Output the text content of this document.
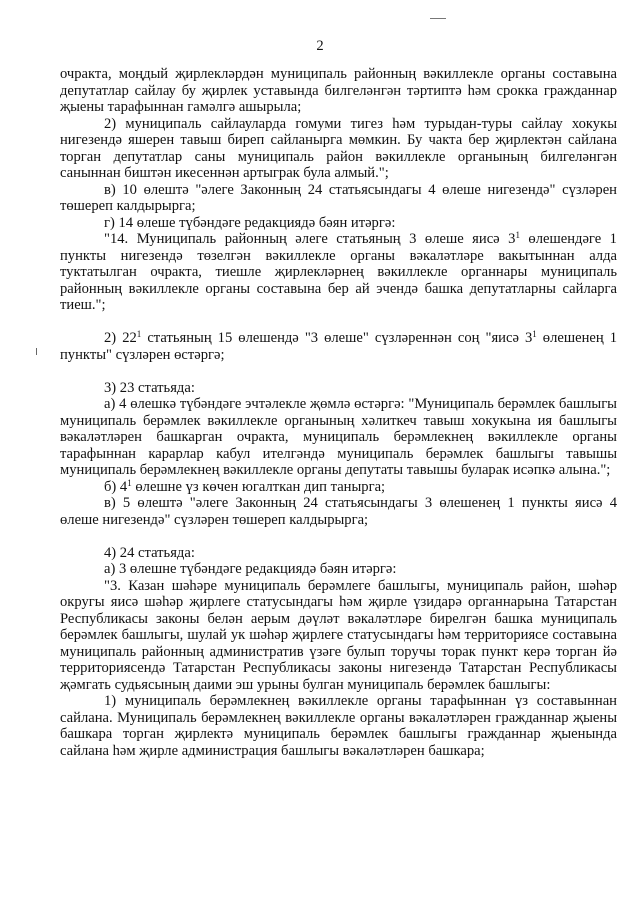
2

очракта, моңдый җирлекләрдән муниципаль районның вәкиллекле органы составына депутатлар сайлау бу җирлек уставында билгеләнгән тәртиптә һәм срокка гражданнар җыены тарафыннан гамәлгә ашырыла;

2) муниципаль сайлауларда гомуми тигез һәм турыдан-туры сайлау хокукы нигезендә яшерен тавыш биреп сайланырга мөмкин. Бу чакта бер җирлектән сайлана торган депутатлар саны муниципаль район вәкиллекле органының билгеләнгән саныннан биштән икесеннән артыграк була алмый.";

в) 10 өлештә "әлеге Законның 24 статьясындагы 4 өлеше нигезендә" сүзләрен төшереп калдырырга;

г) 14 өлеше түбәндәге редакциядә бәян итәргә:

"14. Муниципаль районның әлеге статьяның 3 өлеше яисә $3^1$ өлешендәге 1 пункты нигезендә төзелгән вәкиллекле органы вәкаләтләре вакытыннан алда туктатылган очракта, тиешле җирлекләрнең вәкиллекле органнары муниципаль районның вәкиллекле органы составына бер ай эчендә башка депутатларны сайларга тиеш.";

2) $22^1$ статьяның 15 өлешендә "3 өлеше" сүзләреннән соң "яисә $3^1$ өлешенең 1 пункты" сүзләрен өстәргә;

3) 23 статьяда:

а) 4 өлешкә түбәндәге эчтәлекле җөмлә өстәргә: "Муниципаль берәмлек башлыгы муниципаль берәмлек вәкиллекле органының хәлиткеч тавыш хокукына ия башлыгы вәкаләтләрен башкарган очракта, муниципаль берәмлекнең вәкиллекле органы тарафыннан карарлар кабул ителгәндә муниципаль берәмлек башлыгы тавышы муниципаль берәмлекнең вәкиллекле органы депутаты тавышы буларак исәпкә алына.";

б) $4^1$ өлешне үз көчен югалткан дип танырга;

в) 5 өлештә "әлеге Законның 24 статьясындагы 3 өлешенең 1 пункты яисә 4 өлеше нигезендә" сүзләрен төшереп калдырырга;

4) 24 статьяда:

а) 3 өлешне түбәндәге редакциядә бәян итәргә:

"3. Казан шәһәре муниципаль берәмлеге башлыгы, муниципаль район, шәһәр округы яисә шәһәр җирлеге статусындагы һәм җирле үзидарә органнарына Татарстан Республикасы законы белән аерым дәүләт вәкаләтләре бирелгән башка муниципаль берәмлек башлыгы, шулай ук шәһәр җирлеге статусындагы һәм территориясе составына муниципаль районның административ үзәге булып торучы торак пункт керә торган йә территориясендә Татарстан Республикасы законы нигезендә Татарстан Республикасы җәмгать судьясының даими эш урыны булган муниципаль берәмлек башлыгы:

1) муниципаль берәмлекнең вәкиллекле органы тарафыннан үз составыннан сайлана. Муниципаль берәмлекнең вәкиллекле органы вәкаләтләрен гражданнар җыены башкара торган җирлектә муниципаль берәмлек башлыгы гражданнар җыенында сайлана һәм җирле администрация башлыгы вәкаләтләрен башкара;
